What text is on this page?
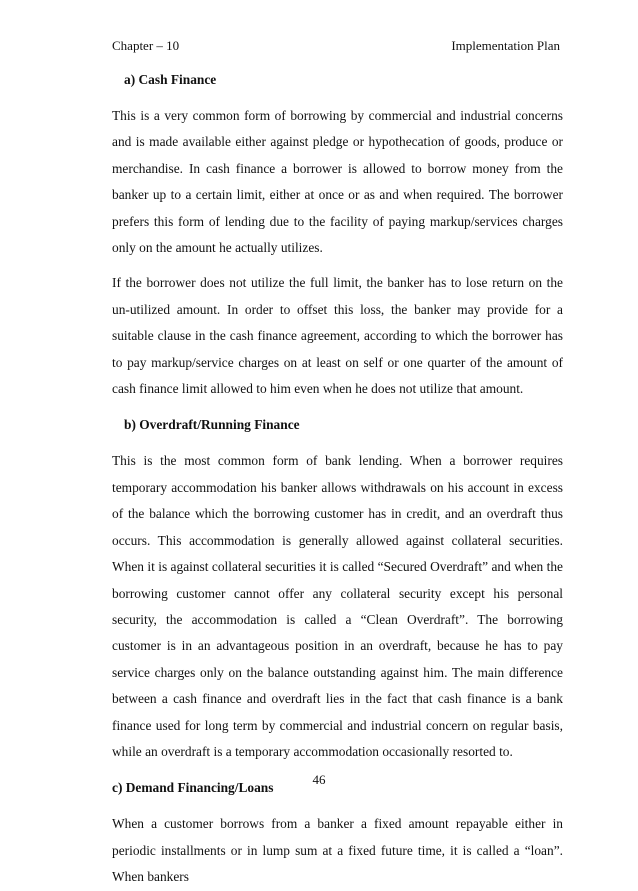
Chapter – 10	Implementation Plan
a) Cash Finance

This is a very common form of borrowing by commercial and industrial concerns and is made available either against pledge or hypothecation of goods, produce or merchandise. In cash finance a borrower is allowed to borrow money from the banker up to a certain limit, either at once or as and when required. The borrower prefers this form of lending due to the facility of paying markup/services charges only on the amount he actually utilizes.

If the borrower does not utilize the full limit, the banker has to lose return on the un-utilized amount. In order to offset this loss, the banker may provide for a suitable clause in the cash finance agreement, according to which the borrower has to pay markup/service charges on at least on self or one quarter of the amount of cash finance limit allowed to him even when he does not utilize that amount.

b) Overdraft/Running Finance

This is the most common form of bank lending. When a borrower requires temporary accommodation his banker allows withdrawals on his account in excess of the balance which the borrowing customer has in credit, and an overdraft thus occurs. This accommodation is generally allowed against collateral securities. When it is against collateral securities it is called “Secured Overdraft” and when the borrowing customer cannot offer any collateral security except his personal security, the accommodation is called a “Clean Overdraft”. The borrowing customer is in an advantageous position in an overdraft, because he has to pay service charges only on the balance outstanding against him. The main difference between a cash finance and overdraft lies in the fact that cash finance is a bank finance used for long term by commercial and industrial concern on regular basis, while an overdraft is a temporary accommodation occasionally resorted to.

c) Demand Financing/Loans

When a customer borrows from a banker a fixed amount repayable either in periodic installments or in lump sum at a fixed future time, it is called a “loan”. When bankers

46
